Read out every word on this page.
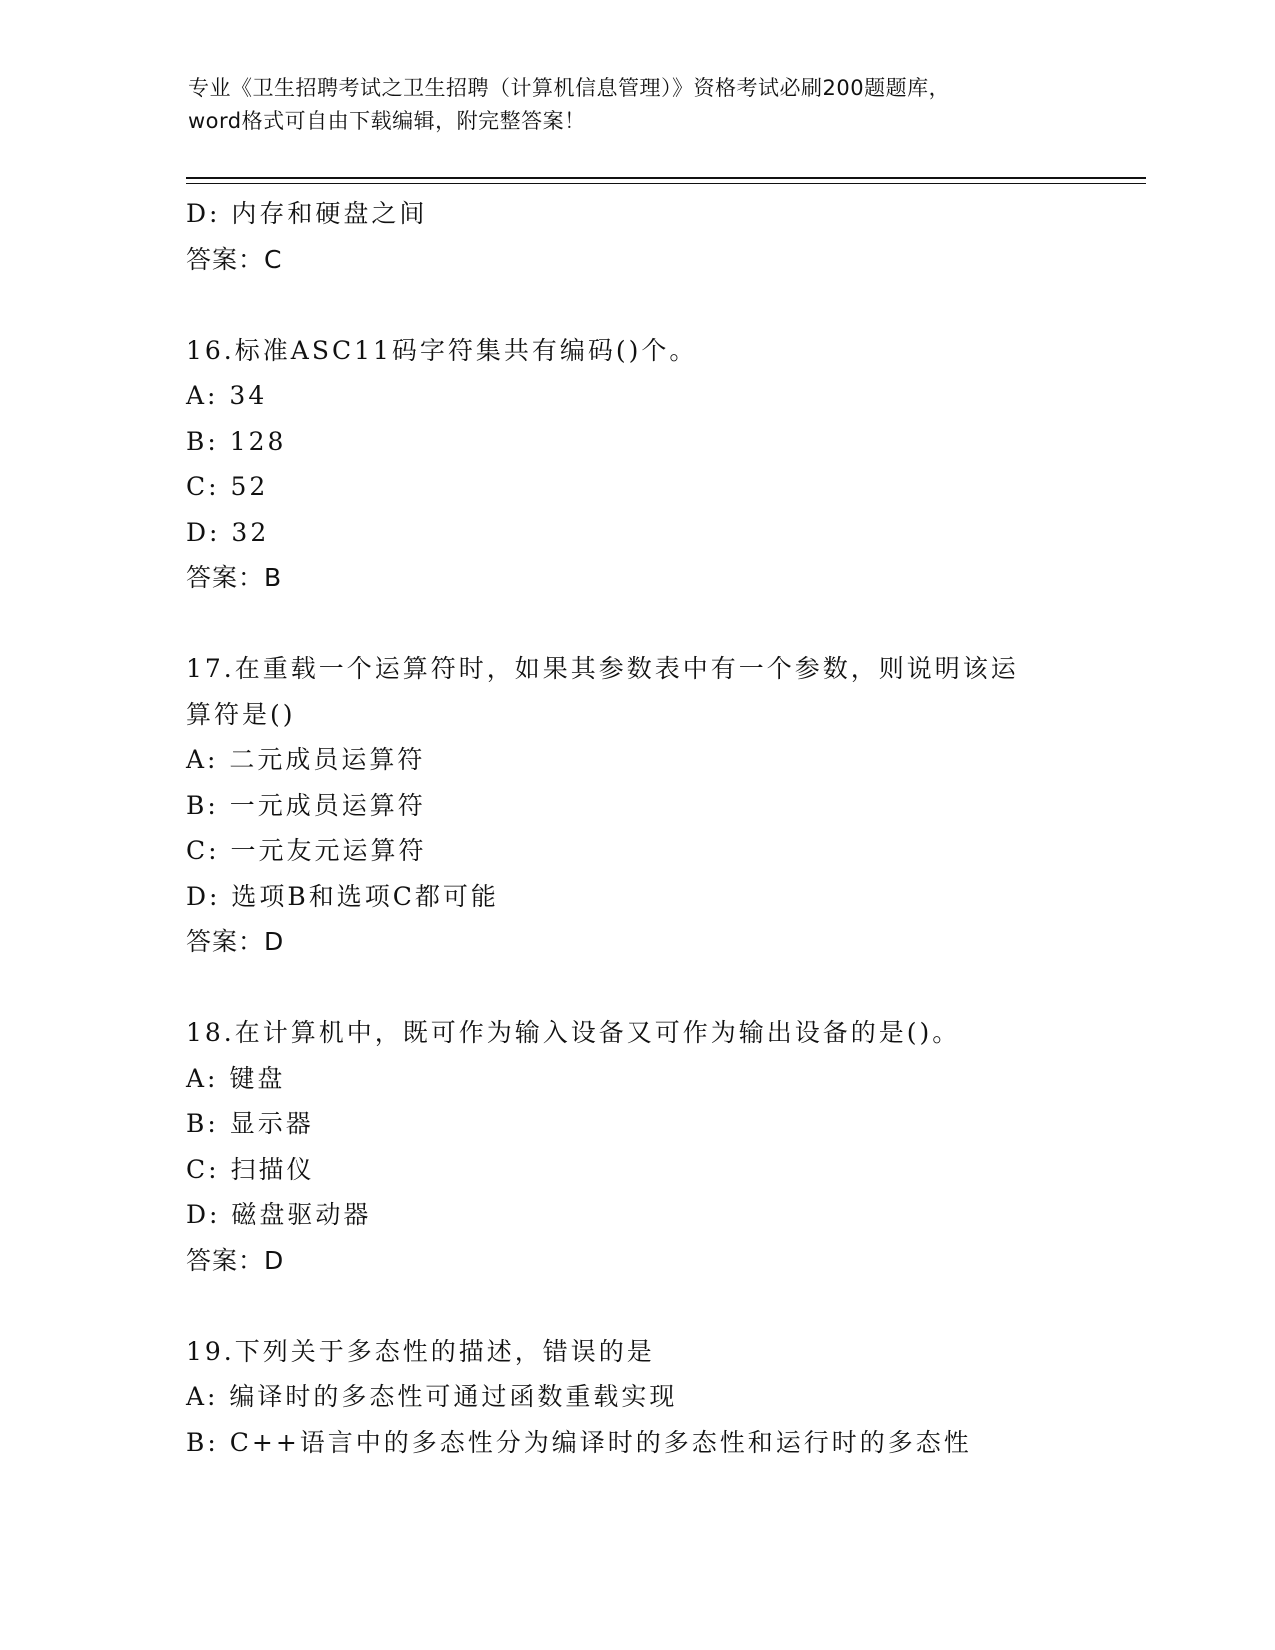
专业《卫生招聘考试之卫生招聘（计算机信息管理）》资格考试必刷200题题库，
word格式可自由下载编辑，附完整答案！
D: 内存和硬盘之间
答案：C
16.标准ASC11码字符集共有编码()个。
A: 34
B: 128
C: 52
D: 32
答案：B
17.在重载一个运算符时，如果其参数表中有一个参数，则说明该运算符是()
A: 二元成员运算符
B: 一元成员运算符
C: 一元友元运算符
D: 选项B和选项C都可能
答案：D
18.在计算机中，既可作为输入设备又可作为输出设备的是()。
A: 键盘
B: 显示器
C: 扫描仪
D: 磁盘驱动器
答案：D
19.下列关于多态性的描述，错误的是
A: 编译时的多态性可通过函数重载实现
B: C++语言中的多态性分为编译时的多态性和运行时的多态性
